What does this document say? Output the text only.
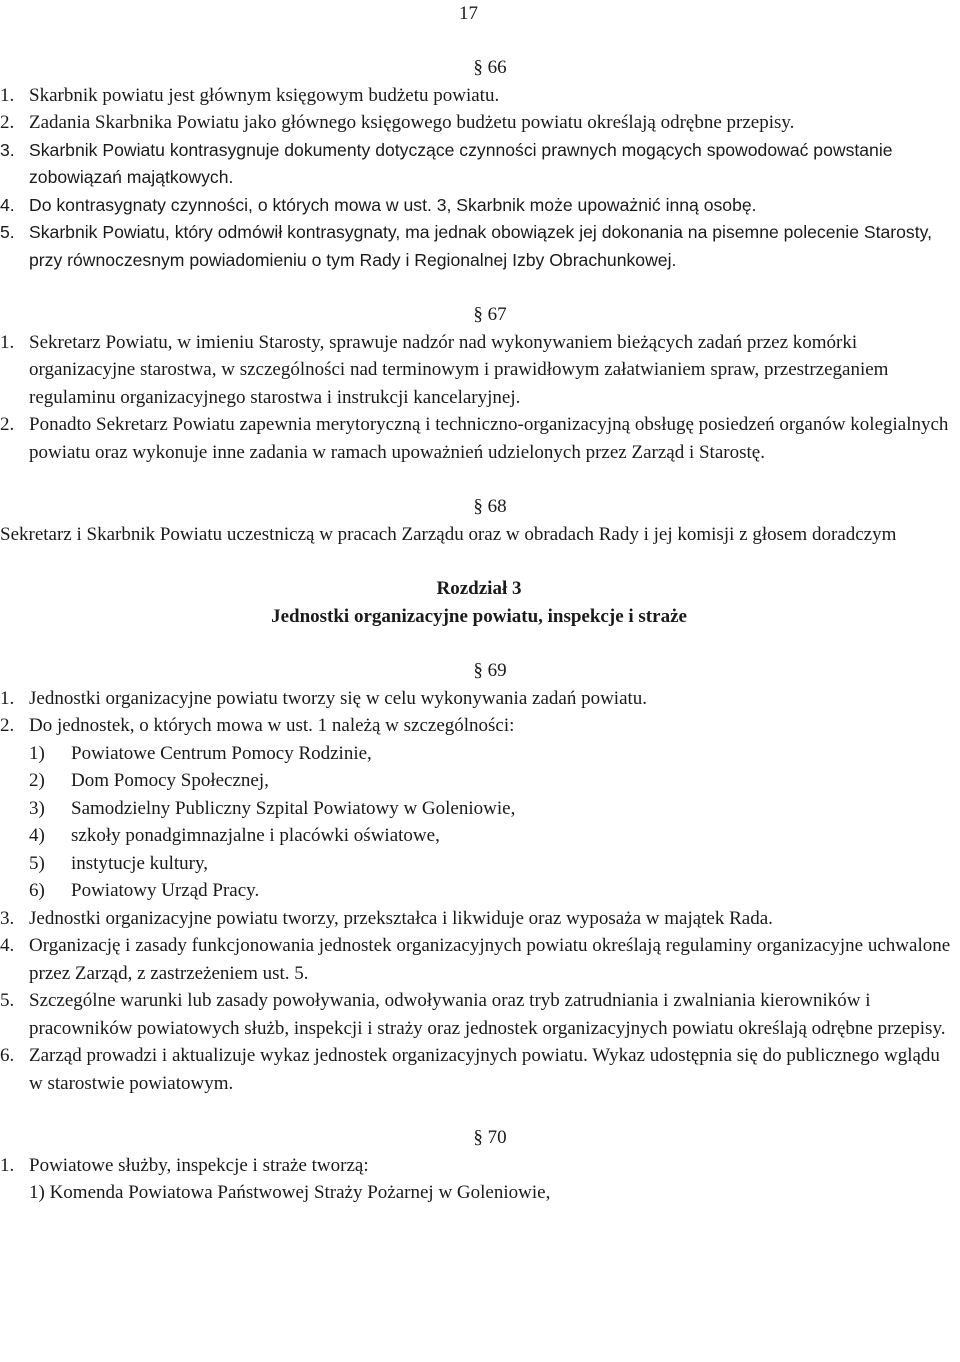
17

§ 66

1. Skarbnik powiatu jest głównym księgowym budżetu powiatu.

2. Zadania Skarbnika Powiatu jako głównego księgowego budżetu powiatu określają odrębne przepisy.

3. Skarbnik Powiatu kontrasygnuje dokumenty dotyczące czynności prawnych mogących spowodować powstanie zobowiązań majątkowych.

4. Do kontrasygnaty czynności, o których mowa w ust. 3, Skarbnik może upoważnić inną osobę.

5. Skarbnik Powiatu, który odmówił kontrasygnaty, ma jednak obowiązek jej dokonania na pisemne polecenie Starosty, przy równoczesnym powiadomieniu o tym Rady i Regionalnej Izby Obrachunkowej.

§ 67

1. Sekretarz Powiatu, w imieniu Starosty, sprawuje nadzór nad wykonywaniem bieżących zadań przez komórki organizacyjne starostwa, w szczególności nad terminowym i prawidłowym załatwianiem spraw, przestrzeganiem regulaminu organizacyjnego starostwa i instrukcji kancelaryjnej.

2. Ponadto Sekretarz Powiatu zapewnia merytoryczną i techniczno-organizacyjną obsługę posiedzeń organów kolegialnych powiatu oraz wykonuje inne zadania w ramach upoważnień udzielonych przez Zarząd i Starostę.

§ 68

Sekretarz i Skarbnik Powiatu uczestniczą w pracach Zarządu oraz w obradach Rady i jej komisji z głosem doradczym

Rozdział 3

Jednostki organizacyjne powiatu, inspekcje i straże

§ 69

1. Jednostki organizacyjne powiatu tworzy się w celu wykonywania zadań powiatu.

2. Do jednostek, o których mowa w ust. 1 należą w szczególności:

1) Powiatowe Centrum Pomocy Rodzinie,

2) Dom Pomocy Społecznej,

3) Samodzielny Publiczny Szpital Powiatowy w Goleniowie,

4) szkoły ponadgimnazjalne i placówki oświatowe,

5) instytucje kultury,

6) Powiatowy Urząd Pracy.

3. Jednostki organizacyjne powiatu tworzy, przekształca i likwiduje oraz wyposaża w majątek Rada.

4. Organizację i zasady funkcjonowania jednostek organizacyjnych powiatu określają regulaminy organizacyjne uchwalone przez Zarząd, z zastrzeżeniem ust. 5.

5. Szczególne warunki lub zasady powoływania, odwoływania oraz tryb zatrudniania i zwalniania kierowników i pracowników powiatowych służb, inspekcji i straży oraz jednostek organizacyjnych powiatu określają odrębne przepisy.

6. Zarząd prowadzi i aktualizuje wykaz jednostek organizacyjnych powiatu. Wykaz udostępnia się do publicznego wglądu w starostwie powiatowym.

§ 70

1. Powiatowe służby, inspekcje i straże tworzą:

1) Komenda Powiatowa Państwowej Straży Pożarnej w Goleniowie,
